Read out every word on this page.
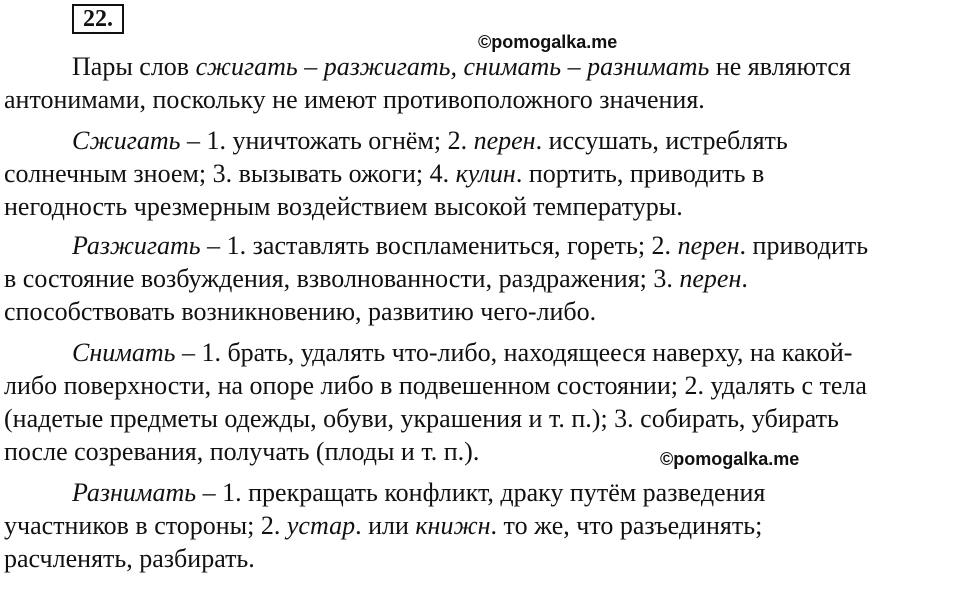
22.
©pomogalka.me
©pomogalka.me
Пары слов сжигать – разжигать, снимать – разнимать не являются
антонимами, поскольку не имеют противоположного значения.
Сжигать – 1. уничтожать огнём; 2. перен. иссушать, истреблять
солнечным зноем; 3. вызывать ожоги; 4. кулин. портить, приводить в
негодность чрезмерным воздействием высокой температуры.
Разжигать – 1. заставлять воспламениться, гореть; 2. перен. приводить
в состояние возбуждения, взволнованности, раздражения; 3. перен.
способствовать возникновению, развитию чего-либо.
Снимать – 1. брать, удалять что-либо, находящееся наверху, на какой-
либо поверхности, на опоре либо в подвешенном состоянии; 2. удалять с тела
(надетые предметы одежды, обуви, украшения и т. п.); 3. собирать, убирать
после созревания, получать (плоды и т. п.).
Разнимать – 1. прекращать конфликт, драку путём разведения
участников в стороны; 2. устар. или книжн. то же, что разъединять;
расчленять, разбирать.
